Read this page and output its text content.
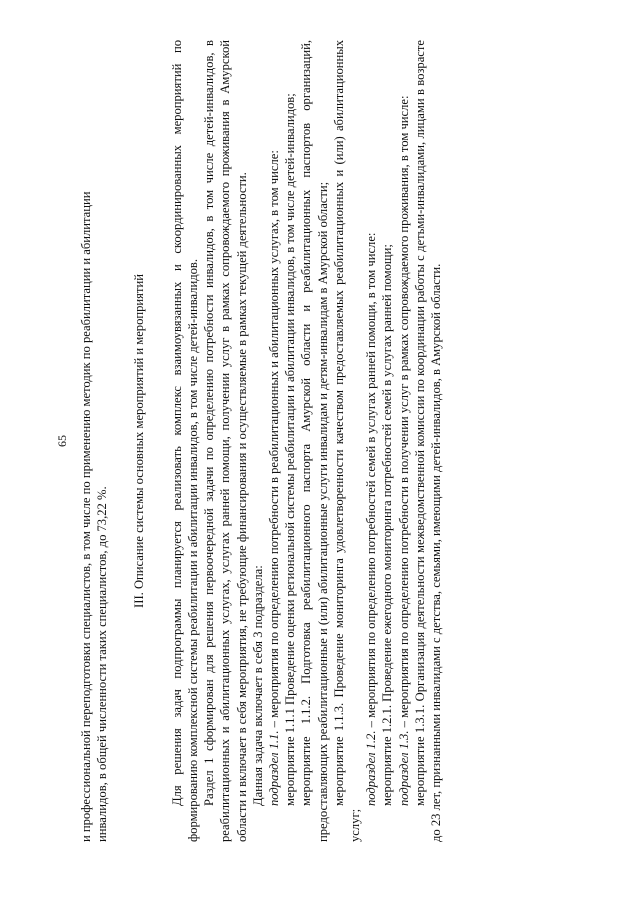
65 и профессиональной переподготовки специалистов, в том числе по применению методик по реабилитации и абилитации инвалидов, в общей численности таких специалистов, до 73,22 %.

III. Описание системы основных мероприятий и мероприятий Для решения задач подпрограммы планируется реализовать комплекс взаимоувязанных и скоординированных мероприятий по формированию комплексной системы реабилитации и абилитации инвалидов, в том числе детей-инвалидов. Раздел 1 сформирован для решения первоочередной задачи по определению потребности инвалидов, в том числе детей-инвалидов, в реабилитационных и абилитационных услугах, услугах ранней помощи, получении услуг в рамках сопровождаемого проживания в Амурской области и включает в себя мероприятия, не требующие финансирования и осуществляемые в рамках текущей деятельности. Данная задача включает в себя 3 подраздела: подраздел 1.1. – мероприятия по определению потребности в реабилитационных и абилитационных услугах, в том числе: мероприятие 1.1.1 Проведение оценки региональной системы реабилитации и абилитации инвалидов, в том числе детей-инвалидов; мероприятие 1.1.2. Подготовка реабилитационного паспорта Амурской области и реабилитационных паспортов организаций, предоставляющих реабилитационные и (или) абилитационные услуги инвалидам и детям-инвалидам в Амурской области; мероприятие 1.1.3. Проведение мониторинга удовлетворенности качеством предоставляемых реабилитационных и (или) абилитационных услуг;

подраздел 1.2. – мероприятия по определению потребностей семей в услугах ранней помощи, в том числе: мероприятие 1.2.1. Проведение ежегодного мониторинга потребностей семей в услугах ранней помощи; подраздел 1.3. – мероприятия по определению потребности в получении услуг в рамках сопровождаемого проживания, в том числе: мероприятие 1.3.1. Организация деятельности межведомственной комиссии по координации работы с детьми-инвалидами, лицами в возрасте до 23 лет, признанными инвалидами с детства, семьями, имеющими детей-инвалидов, в Амурской области.
